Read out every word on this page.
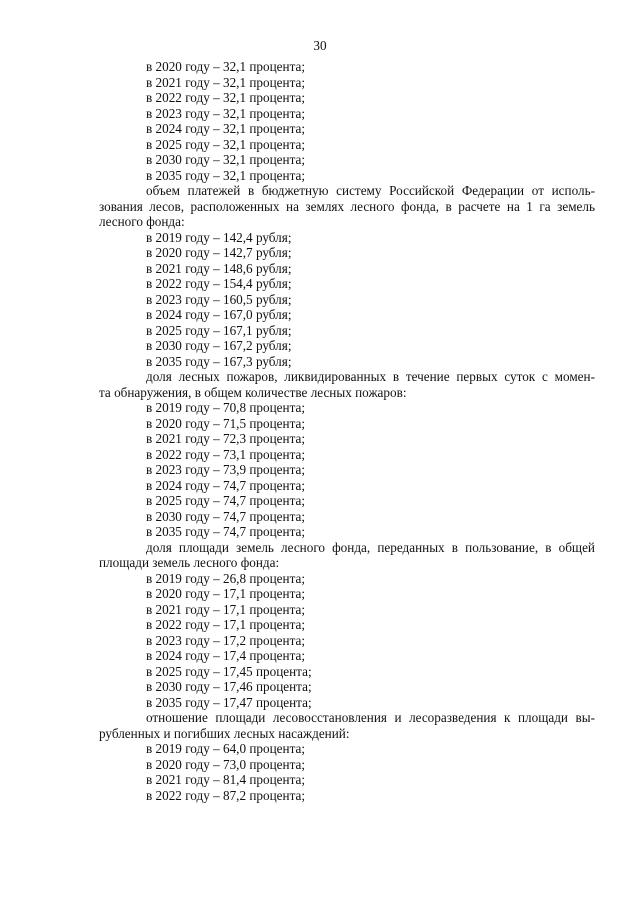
30
в 2020 году – 32,1 процента;
в 2021 году – 32,1 процента;
в 2022 году – 32,1 процента;
в 2023 году – 32,1 процента;
в 2024 году – 32,1 процента;
в 2025 году – 32,1 процента;
в 2030 году – 32,1 процента;
в 2035 году – 32,1 процента;
объем платежей в бюджетную систему Российской Федерации от исполь-
зования лесов, расположенных на землях лесного фонда, в расчете на 1 га земель
лесного фонда:
в 2019 году – 142,4 рубля;
в 2020 году – 142,7 рубля;
в 2021 году – 148,6 рубля;
в 2022 году – 154,4 рубля;
в 2023 году – 160,5 рубля;
в 2024 году – 167,0 рубля;
в 2025 году – 167,1 рубля;
в 2030 году – 167,2 рубля;
в 2035 году – 167,3 рубля;
доля лесных пожаров, ликвидированных в течение первых суток с момен-
та обнаружения, в общем количестве лесных пожаров:
в 2019 году – 70,8 процента;
в 2020 году – 71,5 процента;
в 2021 году – 72,3 процента;
в 2022 году – 73,1 процента;
в 2023 году – 73,9 процента;
в 2024 году – 74,7 процента;
в 2025 году – 74,7 процента;
в 2030 году – 74,7 процента;
в 2035 году – 74,7 процента;
доля площади земель лесного фонда, переданных в пользование, в общей
площади земель лесного фонда:
в 2019 году – 26,8 процента;
в 2020 году – 17,1 процента;
в 2021 году – 17,1 процента;
в 2022 году – 17,1 процента;
в 2023 году – 17,2 процента;
в 2024 году – 17,4 процента;
в 2025 году – 17,45 процента;
в 2030 году – 17,46 процента;
в 2035 году – 17,47 процента;
отношение площади лесовосстановления и лесоразведения к площади вы-
рубленных и погибших лесных насаждений:
в 2019 году – 64,0 процента;
в 2020 году – 73,0 процента;
в 2021 году – 81,4 процента;
в 2022 году – 87,2 процента;
